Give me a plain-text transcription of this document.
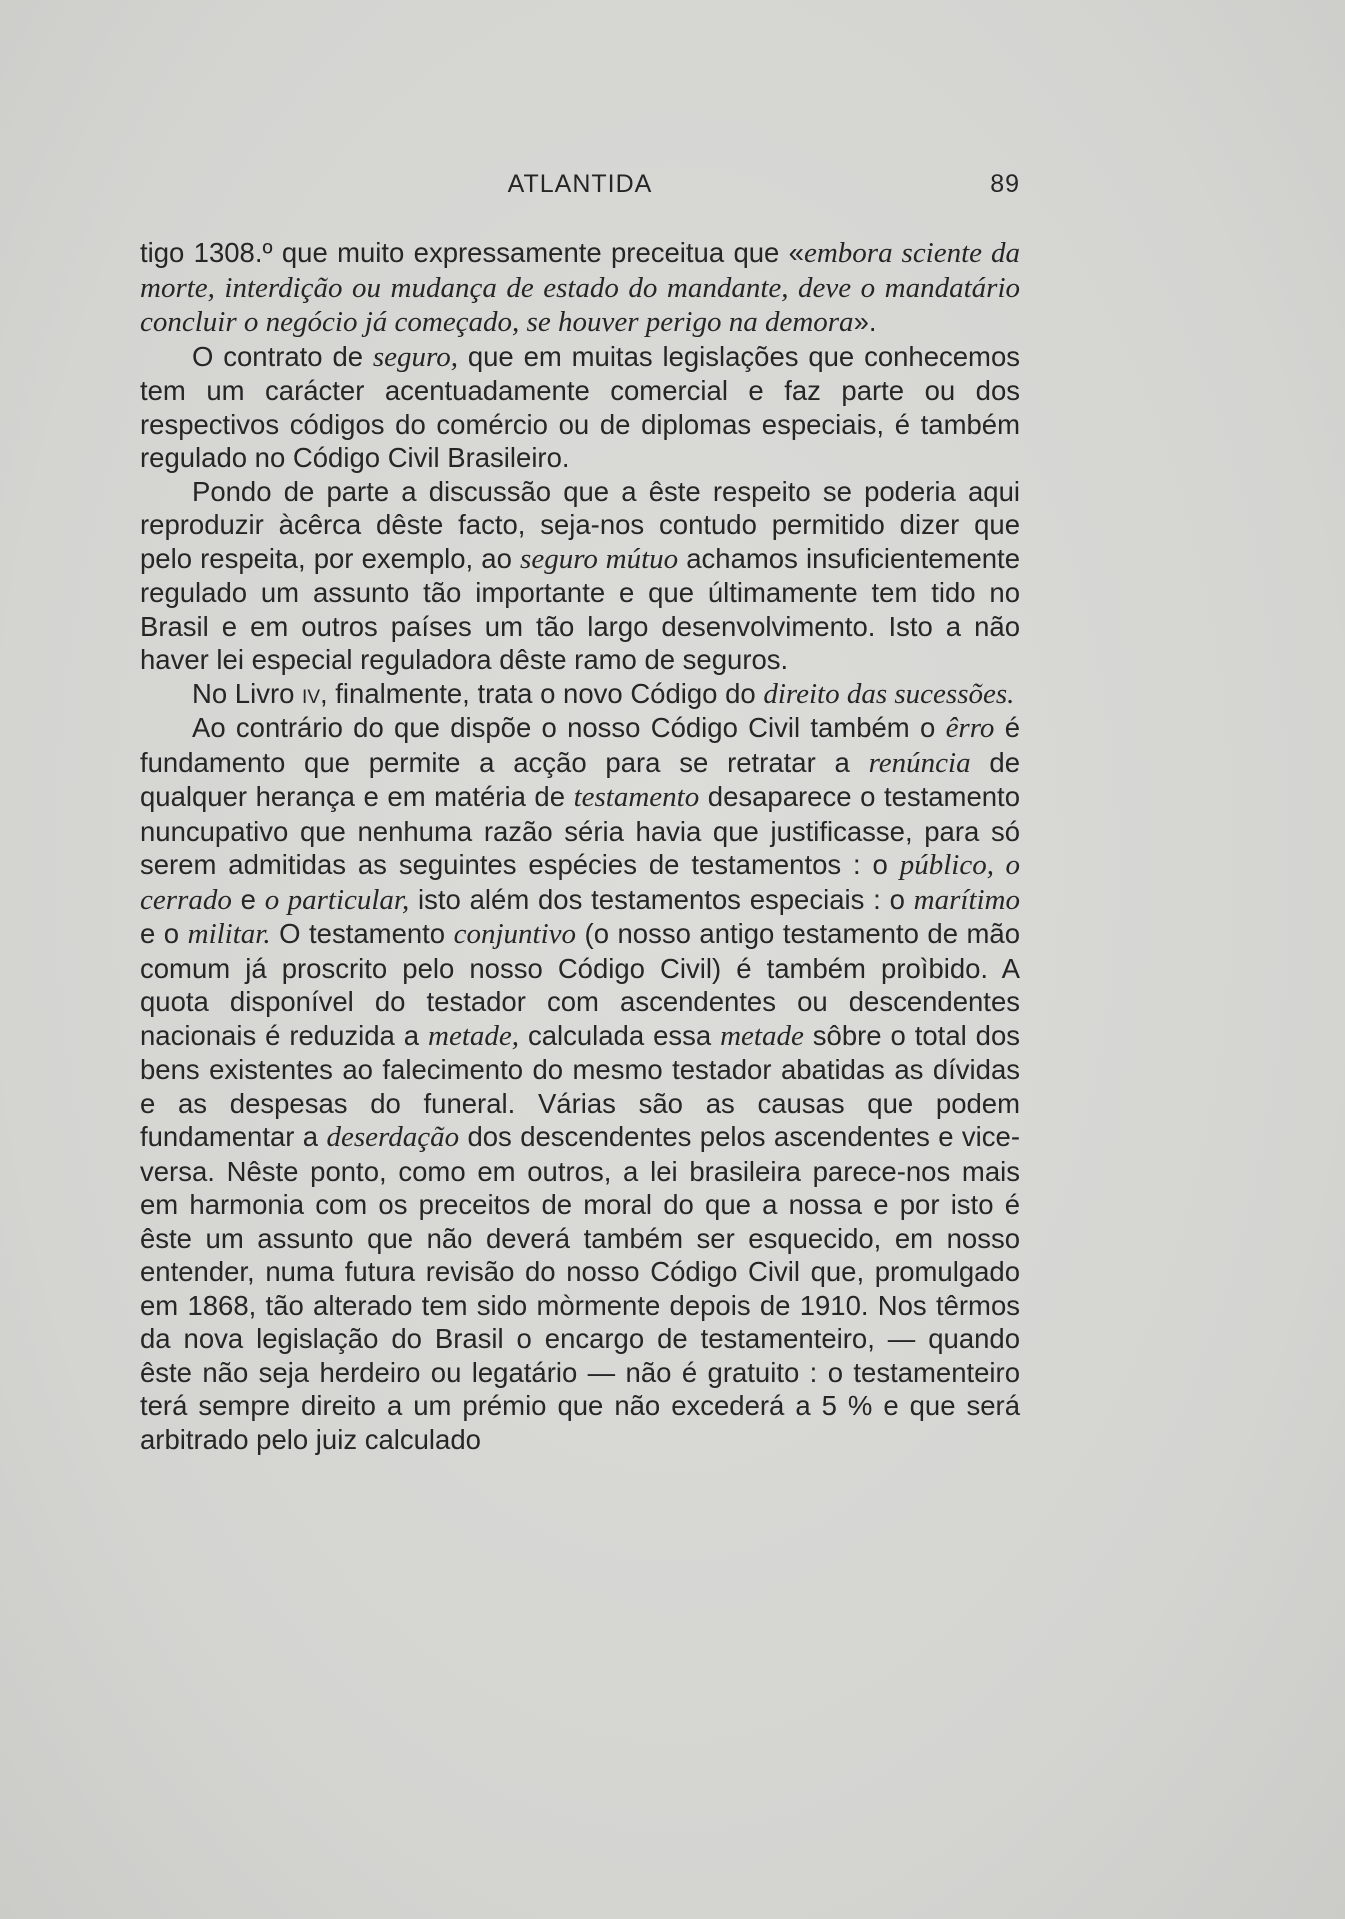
ATLANTIDA	89

tigo 1308.º que muito expressamente preceitua que «embora sciente da morte, interdição ou mudança de estado do mandante, deve o mandatário concluir o negócio já começado, se houver perigo na demora».

O contrato de seguro, que em muitas legislações que conhecemos tem um carácter acentuadamente comercial e faz parte ou dos respectivos códigos do comércio ou de diplomas especiais, é também regulado no Código Civil Brasileiro.

Pondo de parte a discussão que a êste respeito se poderia aqui reproduzir àcêrca dêste facto, seja-nos contudo permitido dizer que pelo respeita, por exemplo, ao seguro mútuo achamos insuficientemente regulado um assunto tão importante e que últimamente tem tido no Brasil e em outros países um tão largo desenvolvimento. Isto a não haver lei especial reguladora dêste ramo de seguros.

No Livro iv, finalmente, trata o novo Código do direito das sucessões.

Ao contrário do que dispõe o nosso Código Civil também o êrro é fundamento que permite a acção para se retratar a renúncia de qualquer herança e em matéria de testamento desaparece o testamento nuncupativo que nenhuma razão séria havia que justificasse, para só serem admitidas as seguintes espécies de testamentos : o público, o cerrado e o particular, isto além dos testamentos especiais : o marítimo e o militar. O testamento conjuntivo (o nosso antigo testamento de mão comum já proscrito pelo nosso Código Civil) é também proìbido. A quota disponível do testador com ascendentes ou descendentes nacionais é reduzida a metade, calculada essa metade sôbre o total dos bens existentes ao falecimento do mesmo testador abatidas as dívidas e as despesas do funeral. Várias são as causas que podem fundamentar a deserdação dos descendentes pelos ascendentes e vice-versa. Nêste ponto, como em outros, a lei brasileira parece-nos mais em harmonia com os preceitos de moral do que a nossa e por isto é êste um assunto que não deverá também ser esquecido, em nosso entender, numa futura revisão do nosso Código Civil que, promulgado em 1868, tão alterado tem sido mòrmente depois de 1910. Nos têrmos da nova legislação do Brasil o encargo de testamenteiro, — quando êste não seja herdeiro ou legatário — não é gratuito : o testamenteiro terá sempre direito a um prémio que não excederá a 5 % e que será arbitrado pelo juiz calculado
